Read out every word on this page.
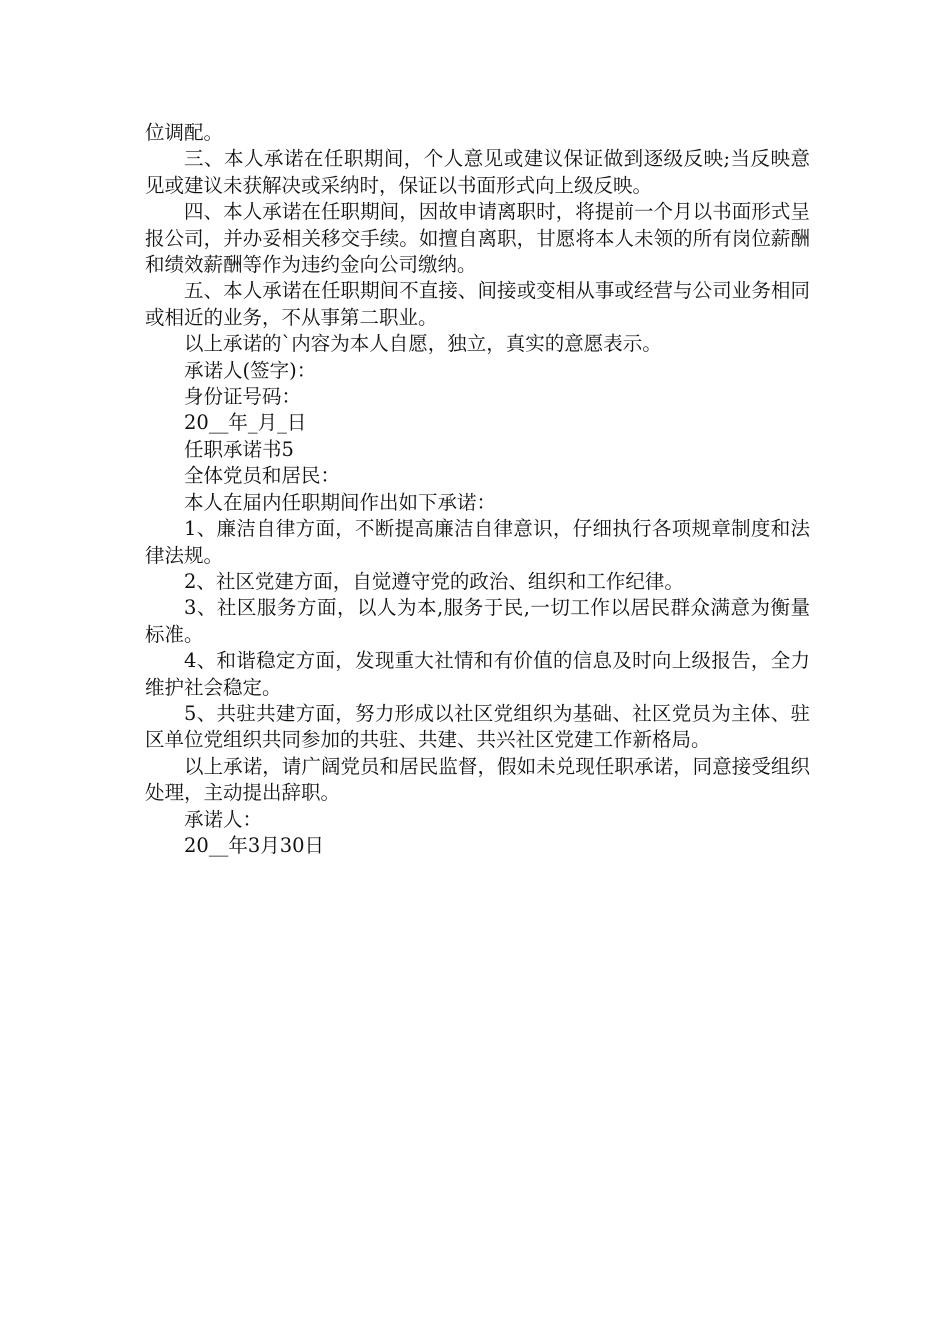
位调配。

三、本人承诺在任职期间，个人意见或建议保证做到逐级反映;当反映意见或建议未获解决或采纳时，保证以书面形式向上级反映。

四、本人承诺在任职期间，因故申请离职时，将提前一个月以书面形式呈报公司，并办妥相关移交手续。如擅自离职，甘愿将本人未领的所有岗位薪酬和绩效薪酬等作为违约金向公司缴纳。

五、本人承诺在任职期间不直接、间接或变相从事或经营与公司业务相同或相近的业务，不从事第二职业。

以上承诺的`内容为本人自愿，独立，真实的意愿表示。

承诺人(签字)：

身份证号码：

20__年_月_日

任职承诺书5

全体党员和居民：

本人在届内任职期间作出如下承诺：

1、廉洁自律方面，不断提高廉洁自律意识，仔细执行各项规章制度和法律法规。

2、社区党建方面，自觉遵守党的政治、组织和工作纪律。

3、社区服务方面，以人为本,服务于民,一切工作以居民群众满意为衡量标准。

4、和谐稳定方面，发现重大社情和有价值的信息及时向上级报告，全力维护社会稳定。

5、共驻共建方面，努力形成以社区党组织为基础、社区党员为主体、驻区单位党组织共同参加的共驻、共建、共兴社区党建工作新格局。

以上承诺，请广阔党员和居民监督，假如未兑现任职承诺，同意接受组织处理，主动提出辞职。

承诺人：

20__年3月30日
